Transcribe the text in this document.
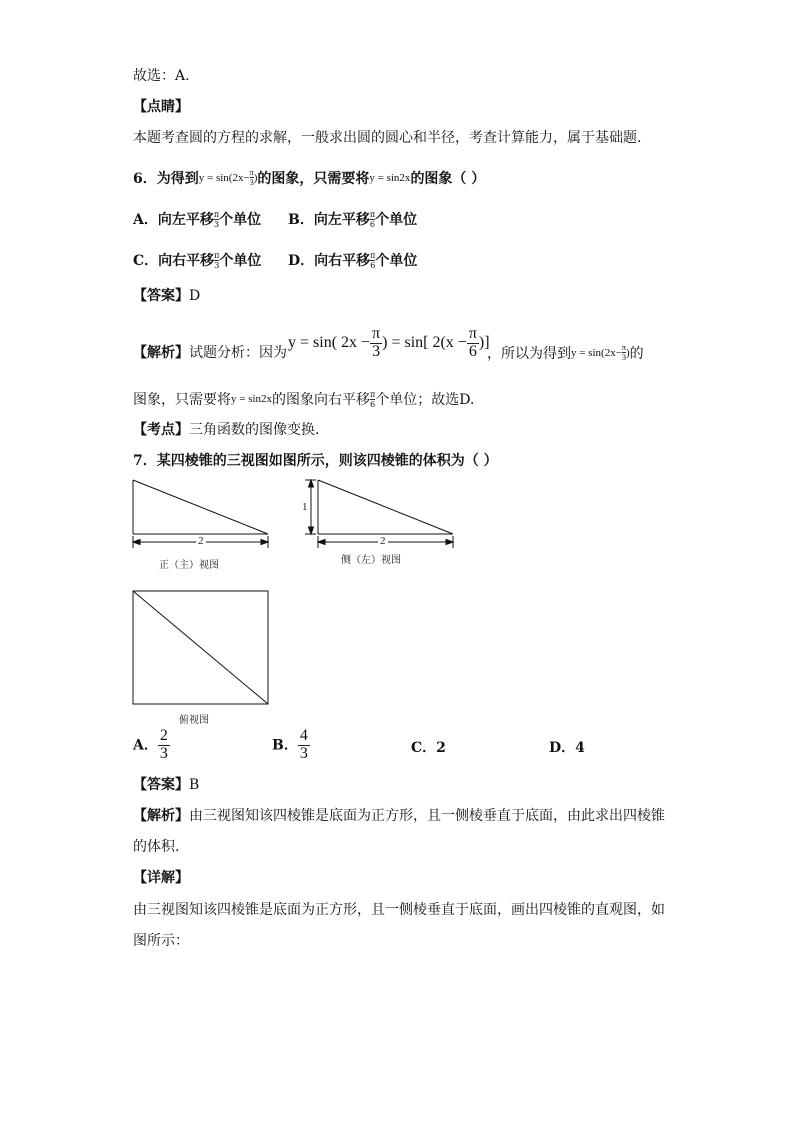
故选：A.
【点睛】
本题考查圆的方程的求解，一般求出圆的圆心和半径，考查计算能力，属于基础题.
6．为得到$y = \sin(2x- \frac{\pi}{3}$ )的图象，只需要将y = sin2x的图象（ ）
A．向左平移 $\frac{\pi}{3}$ 个单位 B．向左平移 $\frac{\pi}{6}$ 个单位
C．向右平移 $\frac{\pi}{3}$ 个单位 D．向右平移 $\frac{\pi}{6}$ 个单位
【答案】D
【解析】试题分析：因为
y = sin( $2x - \frac{\pi}{3}$ ) = sin[ $2(x - \frac{\pi}{6}$ )]
，所以为得到$y = \sin(2x- \frac{\pi}{3}$ )的
图象，只需要将y = sin2x的图象向右平移 $\frac{\pi}{6}$ 个单位；故选D.
【考点】三角函数的图像变换.
7．某四棱锥的三视图如图所示，则该四棱锥的体积为（ ）
2
正（主）视图
2
1
侧（左）视图
俯视图
A． $\frac{2}{3}$	B． $\frac{4}{3}$	C．2	D．4
【答案】B
【解析】由三视图知该四棱锥是底面为正方形，且一侧棱垂直于底面，由此求出四棱锥
的体积.
【详解】
由三视图知该四棱锥是底面为正方形，且一侧棱垂直于底面，画出四棱锥的直观图，如
图所示：
